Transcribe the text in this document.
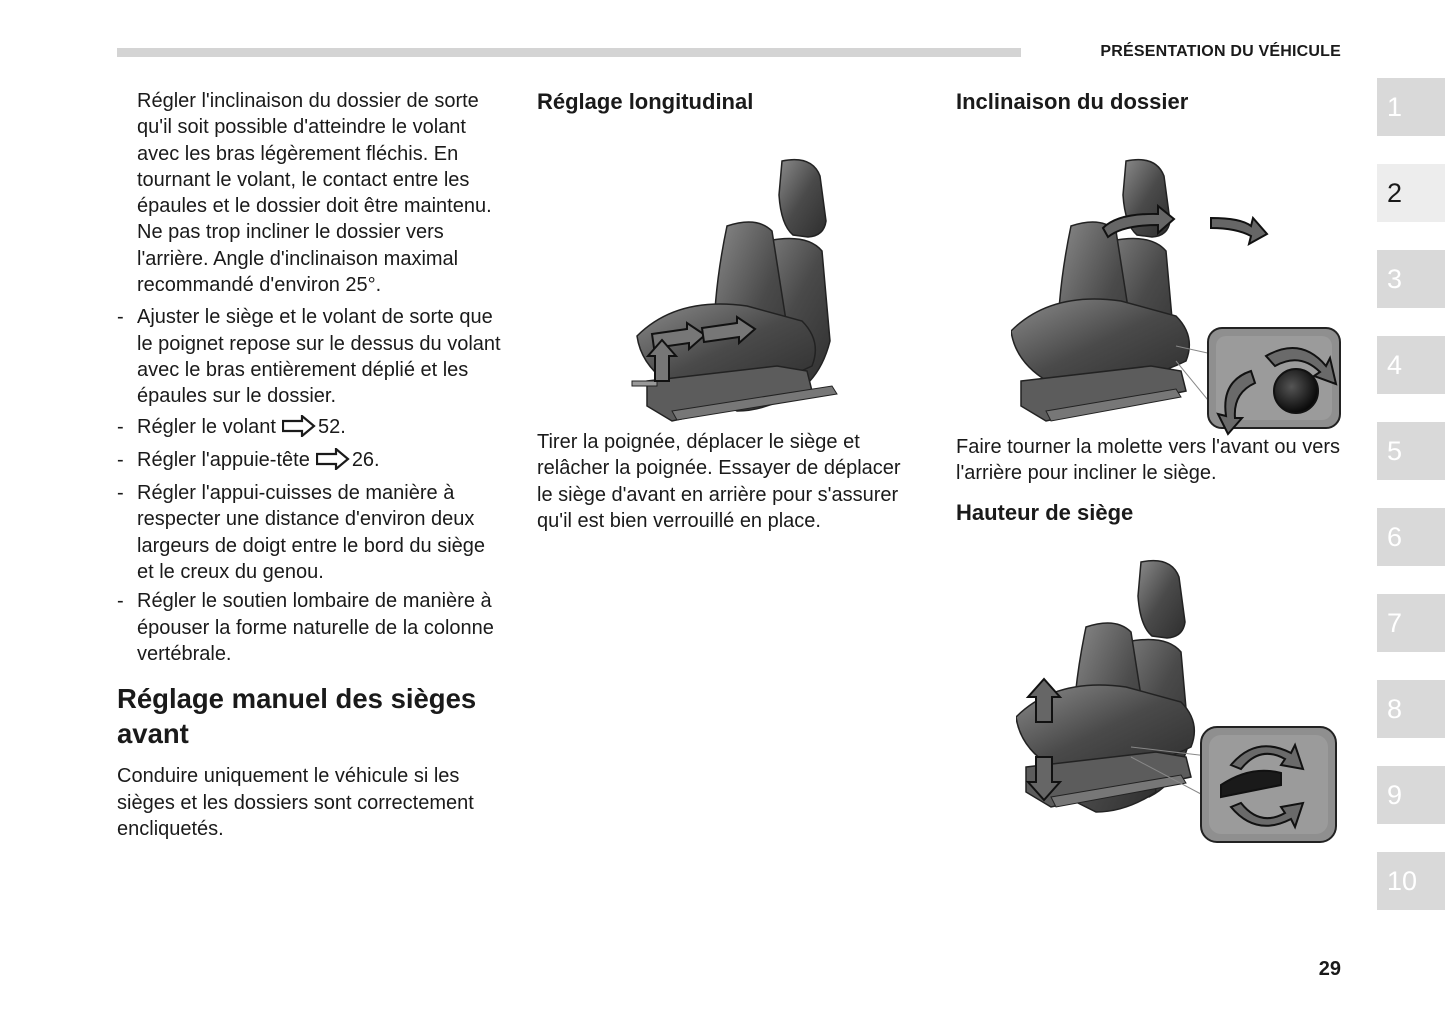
PRÉSENTATION DU VÉHICULE

Régler l'inclinaison du dossier de sorte qu'il soit possible d'atteindre le volant avec les bras légèrement fléchis. En tournant le volant, le contact entre les épaules et le dossier doit être maintenu. Ne pas trop incliner le dossier vers l'arrière. Angle d'inclinaison maximal recommandé d'environ 25°.

- Ajuster le siège et le volant de sorte que le poignet repose sur le dessus du volant avec le bras entièrement déplié et les épaules sur le dossier.
- Régler le volant 52.
- Régler l'appuie-tête 26.
- Régler l'appui-cuisses de manière à respecter une distance d'environ deux largeurs de doigt entre le bord du siège et le creux du genou.
- Régler le soutien lombaire de manière à épouser la forme naturelle de la colonne vertébrale.
Réglage manuel des sièges avant

Conduire uniquement le véhicule si les sièges et les dossiers sont correctement encliquetés.

Réglage longitudinal

Tirer la poignée, déplacer le siège et relâcher la poignée. Essayer de déplacer le siège d'avant en arrière pour s'assurer qu'il est bien verrouillé en place.

Inclinaison du dossier

Faire tourner la molette vers l'avant ou vers l'arrière pour incliner le siège.

Hauteur de siège
1
2
3
4
5
6
7
8
9
10
29
